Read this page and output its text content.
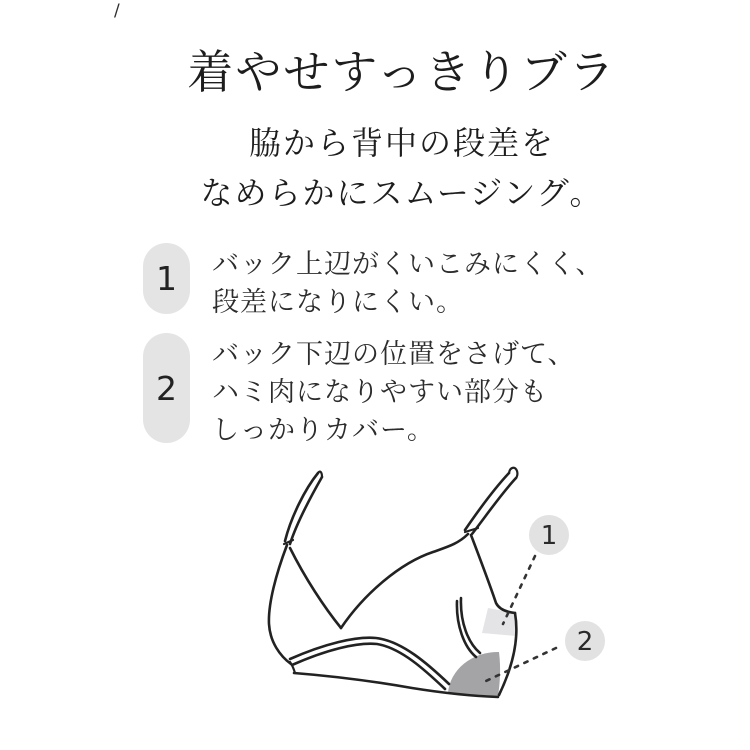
/
着やせすっきりブラ
脇から背中の段差を
なめらかにスムージング。
1	バック上辺がくいこみにくく、
段差になりにくい。
2
バック下辺の位置をさげて、
ハミ肉になりやすい部分も
しっかりカバー。
1
2
